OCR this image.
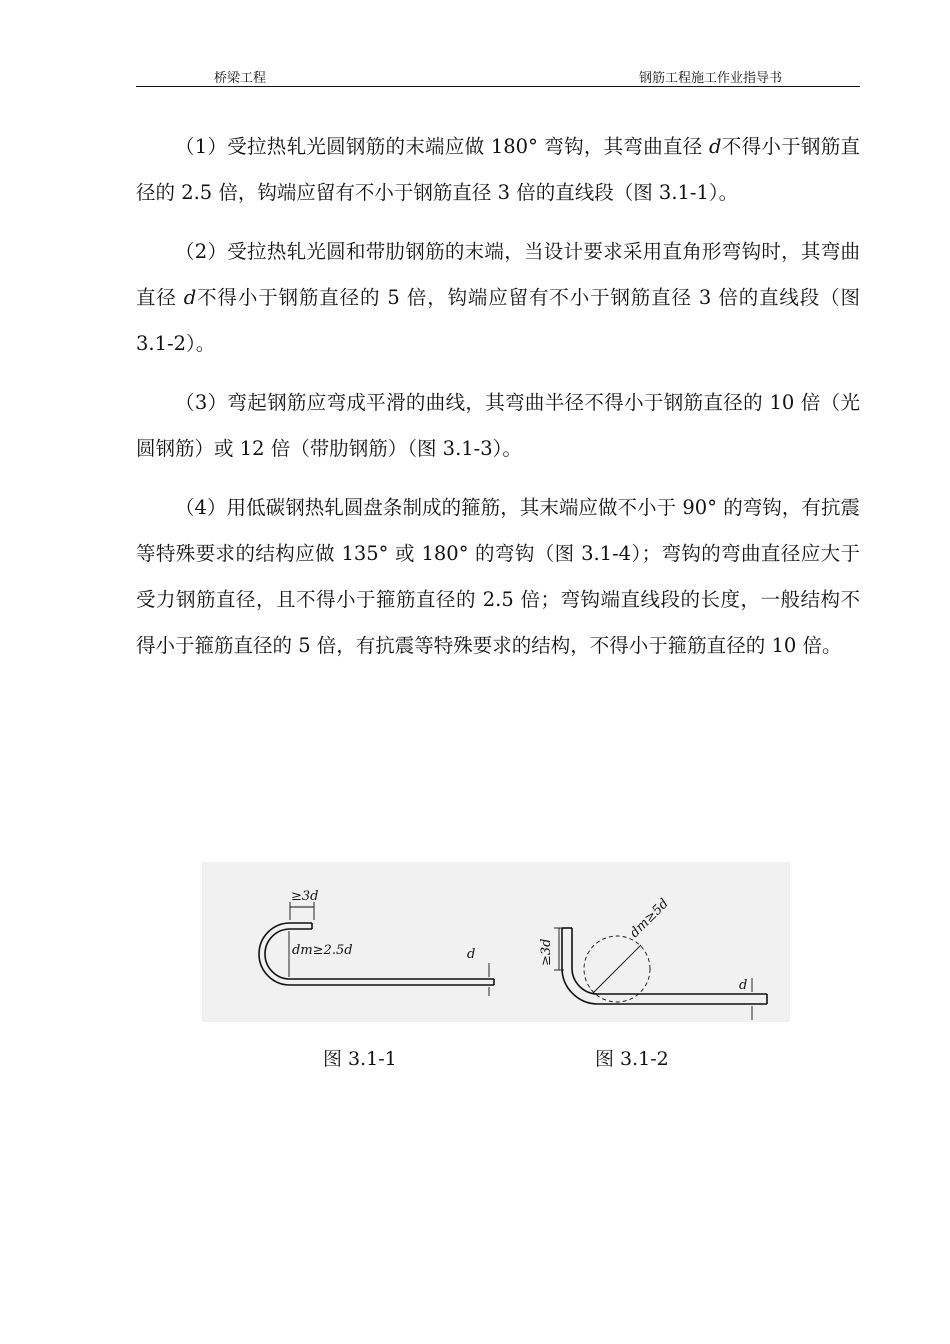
桥梁工程	钢筋工程施工作业指导书

（1）受拉热轧光圆钢筋的末端应做 180° 弯钩，其弯曲直径 d不得小于钢筋直径的 2.5 倍，钩端应留有不小于钢筋直径 3 倍的直线段（图 3.1-1）。

（2）受拉热轧光圆和带肋钢筋的末端，当设计要求采用直角形弯钩时，其弯曲直径 d不得小于钢筋直径的 5 倍，钩端应留有不小于钢筋直径 3 倍的直线段（图 3.1-2）。

（3）弯起钢筋应弯成平滑的曲线，其弯曲半径不得小于钢筋直径的 10 倍（光圆钢筋）或 12 倍（带肋钢筋）（图 3.1-3）。

（4）用低碳钢热轧圆盘条制成的箍筋，其末端应做不小于 90° 的弯钩，有抗震等特殊要求的结构应做 135° 或 180° 的弯钩（图 3.1-4）；弯钩的弯曲直径应大于受力钢筋直径，且不得小于箍筋直径的 2.5 倍；弯钩端直线段的长度，一般结构不得小于箍筋直径的 5 倍，有抗震等特殊要求的结构，不得小于箍筋直径的 10 倍。

≥3d
dm≥2.5d	d	≥3d
dm≥5d
d
图 3.1-1	图 3.1-2
